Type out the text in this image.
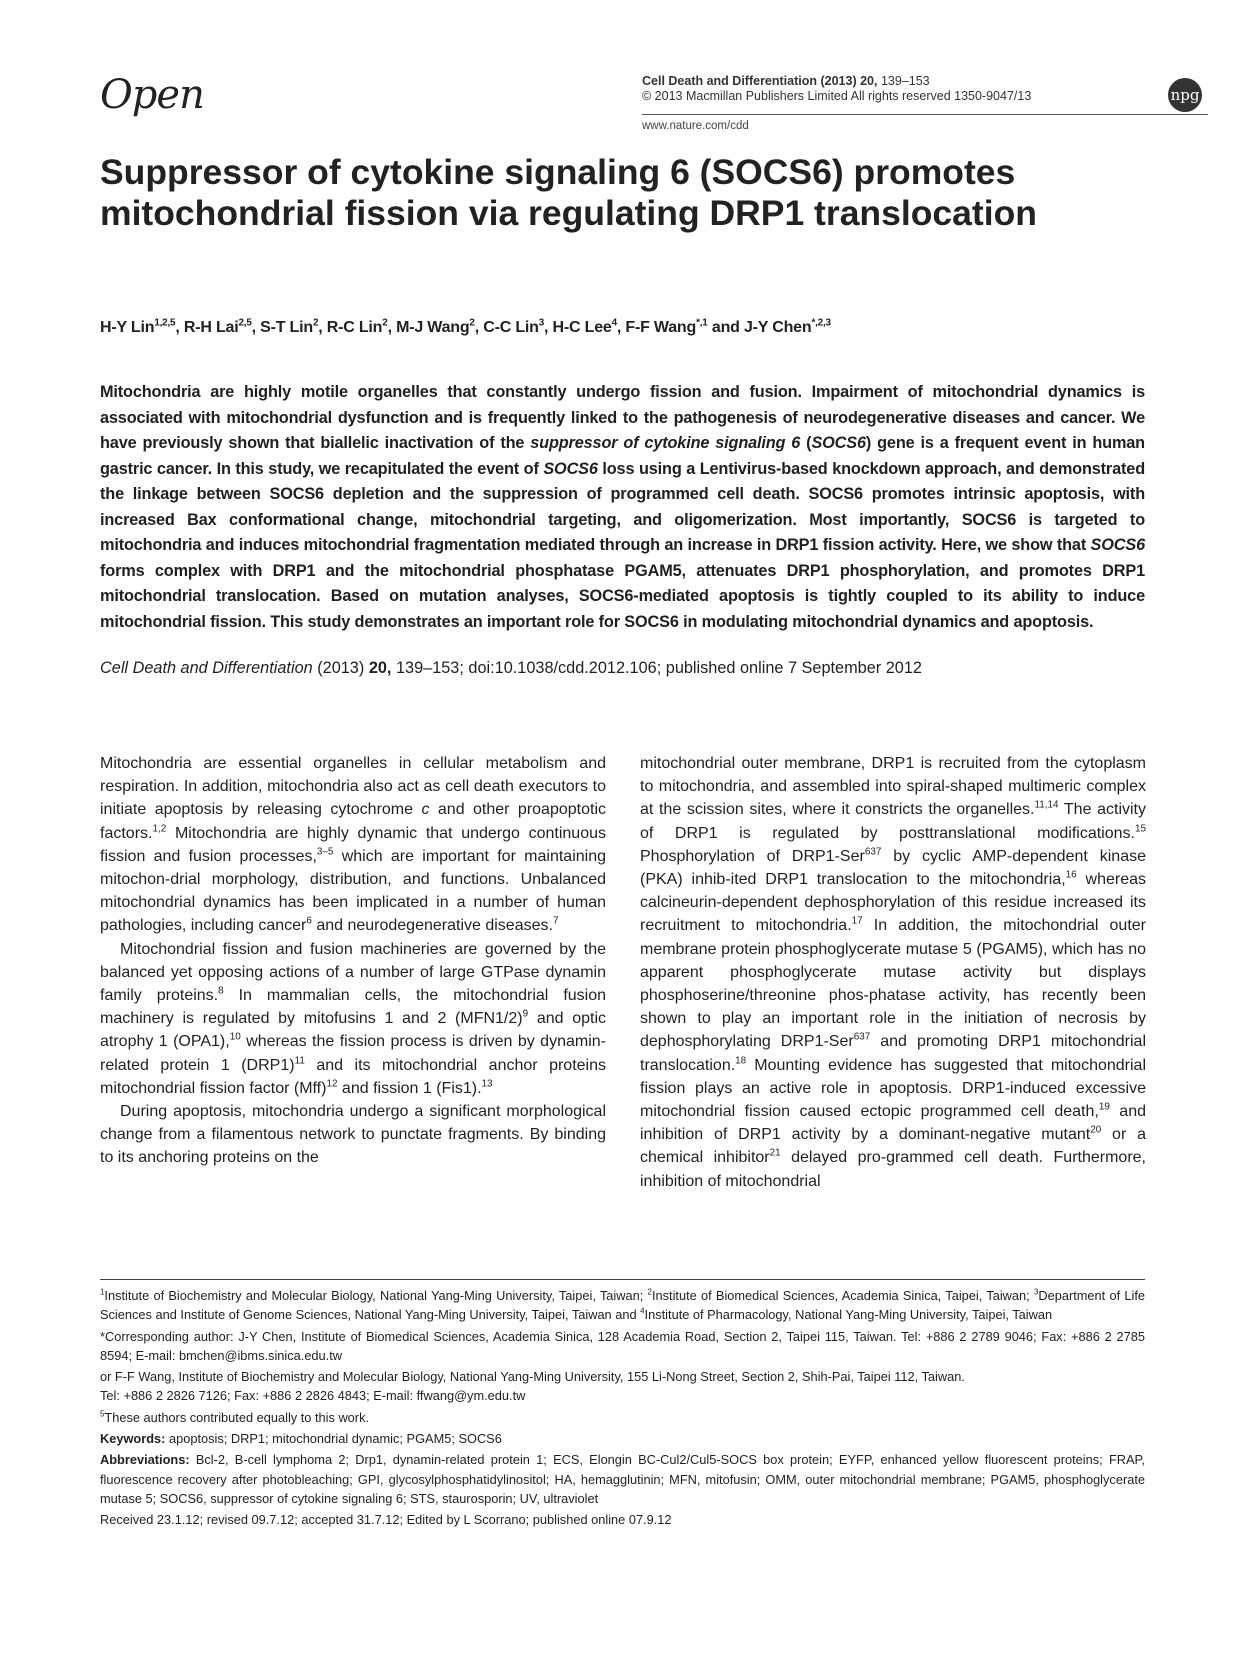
Open	Cell Death and Differentiation (2013) 20, 139–153
© 2013 Macmillan Publishers Limited All rights reserved 1350-9047/13	npg
www.nature.com/cdd
Suppressor of cytokine signaling 6 (SOCS6) promotes mitochondrial fission via regulating DRP1 translocation
H-Y Lin$^{1,2,5}$, R-H Lai$^{2,5}$, S-T Lin$^2$, R-C Lin$^2$, M-J Wang$^2$, C-C Lin$^3$, H-C Lee$^4$, F-F Wang$^{*,1}$ and J-Y Chen$^{*,2,3}$

Mitochondria are highly motile organelles that constantly undergo fission and fusion. Impairment of mitochondrial dynamics is associated with mitochondrial dysfunction and is frequently linked to the pathogenesis of neurodegenerative diseases and cancer. We have previously shown that biallelic inactivation of the suppressor of cytokine signaling 6 (SOCS6) gene is a frequent event in human gastric cancer. In this study, we recapitulated the event of SOCS6 loss using a Lentivirus-based knockdown approach, and demonstrated the linkage between SOCS6 depletion and the suppression of programmed cell death. SOCS6 promotes intrinsic apoptosis, with increased Bax conformational change, mitochondrial targeting, and oligomerization. Most importantly, SOCS6 is targeted to mitochondria and induces mitochondrial fragmentation mediated through an increase in DRP1 fission activity. Here, we show that SOCS6 forms complex with DRP1 and the mitochondrial phosphatase PGAM5, attenuates DRP1 phosphorylation, and promotes DRP1 mitochondrial translocation. Based on mutation analyses, SOCS6-mediated apoptosis is tightly coupled to its ability to induce mitochondrial fission. This study demonstrates an important role for SOCS6 in modulating mitochondrial dynamics and apoptosis.

Cell Death and Differentiation (2013) 20, 139–153; doi:10.1038/cdd.2012.106; published online 7 September 2012

Mitochondria are essential organelles in cellular metabolism and respiration. In addition, mitochondria also act as cell death executors to initiate apoptosis by releasing cytochrome c and other proapoptotic factors.$^{1,2}$ Mitochondria are highly dynamic that undergo continuous fission and fusion processes,$^{3-5}$ which are important for maintaining mitochon-drial morphology, distribution, and functions. Unbalanced mitochondrial dynamics has been implicated in a number of human pathologies, including cancer$^6$ and neurodegenerative diseases.$^7$

Mitochondrial fission and fusion machineries are governed by the balanced yet opposing actions of a number of large GTPase dynamin family proteins.$^8$ In mammalian cells, the mitochondrial fusion machinery is regulated by mitofusins 1 and 2 $(MFN1/2)^9$ and optic atrophy 1 (OPA1),$^{10}$ whereas the fission process is driven by dynamin-related protein 1 $(DRP1)^{11}$ and its mitochondrial anchor proteins mitochondrial fission factor (Mff)$^{12}$ and fission 1 (Fis1).$^{13}$

During apoptosis, mitochondria undergo a significant morphological change from a filamentous network to punctate fragments. By binding to its anchoring proteins on the

mitochondrial outer membrane, DRP1 is recruited from the cytoplasm to mitochondria, and assembled into spiral-shaped multimeric complex at the scission sites, where it constricts the organelles.$^{11,14}$ The activity of DRP1 is regulated by posttranslational modifications.$^{15}$ Phosphorylation of DRP1-Ser$^{637}$ by cyclic AMP-dependent kinase (PKA) inhib-ited DRP1 translocation to the mitochondria,$^{16}$ whereas calcineurin-dependent dephosphorylation of this residue increased its recruitment to mitochondria.$^{17}$ In addition, the mitochondrial outer membrane protein phosphoglycerate mutase 5 (PGAM5), which has no apparent phosphoglycerate mutase activity but displays phosphoserine/threonine phos-phatase activity, has recently been shown to play an important role in the initiation of necrosis by dephosphorylating DRP1-Ser$^{637}$ and promoting DRP1 mitochondrial translocation.$^{18}$ Mounting evidence has suggested that mitochondrial fission plays an active role in apoptosis. DRP1-induced excessive mitochondrial fission caused ectopic programmed cell death,$^{19}$ and inhibition of DRP1 activity by a dominant-negative mutant$^{20}$ or a chemical inhibitor$^{21}$ delayed pro-grammed cell death. Furthermore, inhibition of mitochondrial

$^1$Institute of Biochemistry and Molecular Biology, National Yang-Ming University, Taipei, Taiwan; $^2$Institute of Biomedical Sciences, Academia Sinica, Taipei, Taiwan; $^3$Department of Life Sciences and Institute of Genome Sciences, National Yang-Ming University, Taipei, Taiwan and $^4$Institute of Pharmacology, National Yang-Ming University, Taipei, Taiwan

*Corresponding author: J-Y Chen, Institute of Biomedical Sciences, Academia Sinica, 128 Academia Road, Section 2, Taipei 115, Taiwan. Tel: +886 2 2789 9046; Fax: +886 2 2785 8594; E-mail: bmchen@ibms.sinica.edu.tw

or F-F Wang, Institute of Biochemistry and Molecular Biology, National Yang-Ming University, 155 Li-Nong Street, Section 2, Shih-Pai, Taipei 112, Taiwan.

Tel: +886 2 2826 7126; Fax: +886 2 2826 4843; E-mail: ffwang@ym.edu.tw

$^5$These authors contributed equally to this work.

Keywords: apoptosis; DRP1; mitochondrial dynamic; PGAM5; SOCS6

Abbreviations: Bcl-2, B-cell lymphoma 2; Drp1, dynamin-related protein 1; ECS, Elongin BC-Cul2/Cul5-SOCS box protein; EYFP, enhanced yellow fluorescent proteins; FRAP, fluorescence recovery after photobleaching; GPI, glycosylphosphatidylinositol; HA, hemagglutinin; MFN, mitofusin; OMM, outer mitochondrial membrane; PGAM5, phosphoglycerate mutase 5; SOCS6, suppressor of cytokine signaling 6; STS, staurosporin; UV, ultraviolet

Received 23.1.12; revised 09.7.12; accepted 31.7.12; Edited by L Scorrano; published online 07.9.12
